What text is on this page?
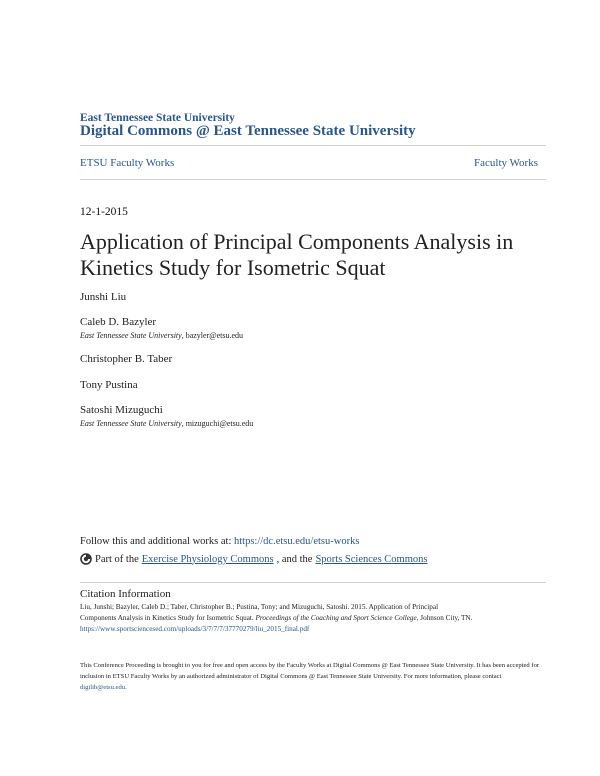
East Tennessee State University
Digital Commons @ East Tennessee State University
ETSU Faculty Works	Faculty Works
12-1-2015
Application of Principal Components Analysis in Kinetics Study for Isometric Squat
Junshi Liu
Caleb D. Bazyler
East Tennessee State University, bazyler@etsu.edu
Christopher B. Taber
Tony Pustina
Satoshi Mizuguchi
East Tennessee State University, mizuguchi@etsu.edu
Follow this and additional works at: https://dc.etsu.edu/etsu-works
Part of the Exercise Physiology Commons , and the Sports Sciences Commons
Citation Information
Liu, Junshi; Bazyler, Caleb D.; Taber, Christopher B.; Pustina, Tony; and Mizuguchi, Satoshi. 2015. Application of Principal
Components Analysis in Kinetics Study for Isometric Squat. Proceedings of the Coaching and Sport Science College, Johnson City, TN.
https://www.sportsciencesed.com/uploads/3/7/7/7/37770279/liu_2015_final.pdf
This Conference Proceeding is brought to you for free and open access by the Faculty Works at Digital Commons @ East Tennessee State University. It has been accepted for inclusion in ETSU Faculty Works by an authorized administrator of Digital Commons @ East Tennessee State University. For more information, please contact digilib@etsu.edu.
